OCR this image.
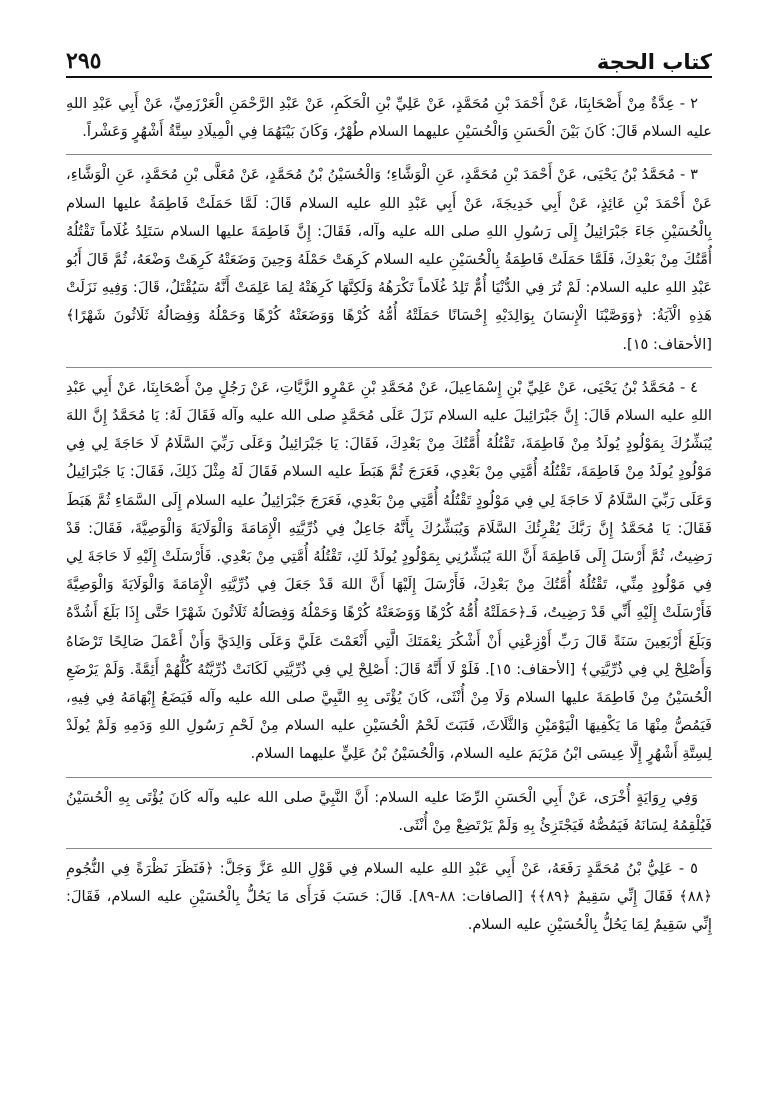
٢٩٥	كتاب الحجة

٢ - عِدَّةٌ مِنْ أَصْحَابِنَا، عَنْ أَحْمَدَ بْنِ مُحَمَّدٍ، عَنْ عَلِيِّ بْنِ الْحَكَمِ، عَنْ عَبْدِ الرَّحْمَنِ الْعَرْزَمِيِّ، عَنْ أَبِي عَبْدِ اللهِ عليه السلام قَالَ: كَانَ بَيْنَ الْحَسَنِ وَالْحُسَيْنِ عليهما السلام طُهْرٌ، وَكَانَ بَيْنَهُمَا فِي الْمِيلَادِ سِتَّةُ أَشْهُرٍ وَعَشْراً.

٣ - مُحَمَّدُ بْنُ يَحْيَى، عَنْ أَحْمَدَ بْنِ مُحَمَّدٍ، عَنِ الْوَشَّاءِ؛ وَالْحُسَيْنُ بْنُ مُحَمَّدٍ، عَنْ مُعَلَّى بْنِ مُحَمَّدٍ، عَنِ الْوَشَّاءِ، عَنْ أَحْمَدَ بْنِ عَائِذٍ، عَنْ أَبِي خَدِيجَةَ، عَنْ أَبِي عَبْدِ اللهِ عليه السلام قَالَ: لَمَّا حَمَلَتْ فَاطِمَةُ عليها السلام بِالْحُسَيْنِ جَاءَ جَبْرَائِيلُ إِلَى رَسُولِ اللهِ صلى الله عليه وآله، فَقَالَ: إِنَّ فَاطِمَةَ عليها السلام سَتَلِدُ غُلَاماً تَقْتُلُهُ أُمَّتُكَ مِنْ بَعْدِكَ، فَلَمَّا حَمَلَتْ فَاطِمَةُ بِالْحُسَيْنِ عليه السلام كَرِهَتْ حَمْلَهُ وَحِينَ وَضَعَتْهُ كَرِهَتْ وَضْعَهُ، ثُمَّ قَالَ أَبُو عَبْدِ اللهِ عليه السلام: لَمْ تُرَ فِي الدُّنْيَا أُمٌّ تَلِدُ غُلَاماً تَكْرَهُهُ وَلَكِنَّهَا كَرِهَتْهُ لِمَا عَلِمَتْ أَنَّهُ سَيُقْتَلُ، قَالَ: وَفِيهِ نَزَلَتْ هَذِهِ الْآيَةُ: ﴿وَوَصَّيْنَا الْإِنسَانَ بِوَالِدَيْهِ إِحْسَانًا حَمَلَتْهُ أُمُّهُ كُرْهًا وَوَضَعَتْهُ كُرْهًا وَحَمْلُهُ وَفِصَالُهُ ثَلَاثُونَ شَهْرًا﴾ [الأحقاف: ١٥].

٤ - مُحَمَّدُ بْنُ يَحْيَى، عَنْ عَلِيِّ بْنِ إِسْمَاعِيلَ، عَنْ مُحَمَّدِ بْنِ عَمْرٍو الزَّيَّاتِ، عَنْ رَجُلٍ مِنْ أَصْحَابِنَا، عَنْ أَبِي عَبْدِ اللهِ عليه السلام قَالَ: إِنَّ جَبْرَائِيلَ عليه السلام نَزَلَ عَلَى مُحَمَّدٍ صلى الله عليه وآله فَقَالَ لَهُ: يَا مُحَمَّدُ إِنَّ اللهَ يُبَشِّرُكَ بِمَوْلُودٍ يُولَدُ مِنْ فَاطِمَةَ، تَقْتُلُهُ أُمَّتُكَ مِنْ بَعْدِكَ، فَقَالَ: يَا جَبْرَائِيلُ وَعَلَى رَبِّيَ السَّلَامُ لَا حَاجَةَ لِي فِي مَوْلُودٍ يُولَدُ مِنْ فَاطِمَةَ، تَقْتُلُهُ أُمَّتِي مِنْ بَعْدِي، فَعَرَجَ ثُمَّ هَبَطَ عليه السلام فَقَالَ لَهُ مِثْلَ ذَلِكَ، فَقَالَ: يَا جَبْرَائِيلُ وَعَلَى رَبِّيَ السَّلَامُ لَا حَاجَةَ لِي فِي مَوْلُودٍ تَقْتُلُهُ أُمَّتِي مِنْ بَعْدِي، فَعَرَجَ جَبْرَائِيلُ عليه السلام إِلَى السَّمَاءِ ثُمَّ هَبَطَ فَقَالَ: يَا مُحَمَّدُ إِنَّ رَبَّكَ يُقْرِئُكَ السَّلَامَ وَيُبَشِّرُكَ بِأَنَّهُ جَاعِلٌ فِي ذُرِّيَّتِهِ الْإِمَامَةَ وَالْوَلَايَةَ وَالْوَصِيَّةَ، فَقَالَ: قَدْ رَضِيتُ، ثُمَّ أَرْسَلَ إِلَى فَاطِمَةَ أَنَّ اللهَ يُبَشِّرُنِي بِمَوْلُودٍ يُولَدُ لَكِ، تَقْتُلُهُ أُمَّتِي مِنْ بَعْدِي. فَأَرْسَلَتْ إِلَيْهِ لَا حَاجَةَ لِي فِي مَوْلُودٍ مِنِّي، تَقْتُلُهُ أُمَّتُكَ مِنْ بَعْدِكَ، فَأَرْسَلَ إِلَيْهَا أَنَّ اللهَ قَدْ جَعَلَ فِي ذُرِّيَّتِهِ الْإِمَامَةَ وَالْوَلَايَةَ وَالْوَصِيَّةَ فَأَرْسَلَتْ إِلَيْهِ أَنِّي قَدْ رَضِيتُ، فَـ﴿حَمَلَتْهُ أُمُّهُ كُرْهًا وَوَضَعَتْهُ كُرْهًا وَحَمْلُهُ وَفِصَالُهُ ثَلَاثُونَ شَهْرًا حَتَّى إِذَا بَلَغَ أَشُدَّهُ وَبَلَغَ أَرْبَعِينَ سَنَةً قَالَ رَبِّ أَوْزِعْنِي أَنْ أَشْكُرَ نِعْمَتَكَ الَّتِي أَنْعَمْتَ عَلَيَّ وَعَلَى وَالِدَيَّ وَأَنْ أَعْمَلَ صَالِحًا تَرْضَاهُ وَأَصْلِحْ لِي فِي ذُرِّيَّتِي﴾ [الأحقاف: ١٥]. فَلَوْ لَا أَنَّهُ قَالَ: أَصْلِحْ لِي فِي ذُرِّيَّتِي لَكَانَتْ ذُرِّيَّتُهُ كُلُّهُمْ أَئِمَّةً. وَلَمْ يَرْضَعِ الْحُسَيْنُ مِنْ فَاطِمَةَ عليها السلام وَلَا مِنْ أُنْثَى، كَانَ يُؤْتَى بِهِ النَّبِيَّ صلى الله عليه وآله فَيَضَعُ إِبْهَامَهُ فِي فِيهِ، فَيَمُصُّ مِنْهَا مَا يَكْفِيهَا الْيَوْمَيْنِ وَالثَّلَاثَ، فَنَبَتَ لَحْمُ الْحُسَيْنِ عليه السلام مِنْ لَحْمِ رَسُولِ اللهِ وَدَمِهِ وَلَمْ يُولَدْ لِسِتَّةِ أَشْهُرٍ إِلَّا عِيسَى ابْنُ مَرْيَمَ عليه السلام، وَالْحُسَيْنُ بْنُ عَلِيٍّ عليهما السلام.

وَفِي رِوَايَةٍ أُخْرَى، عَنْ أَبِي الْحَسَنِ الرِّضَا عليه السلام: أَنَّ النَّبِيَّ صلى الله عليه وآله كَانَ يُؤْتَى بِهِ الْحُسَيْنُ فَيُلْقِمُهُ لِسَانَهُ فَيَمُصُّهُ فَيَجْتَزِئُ بِهِ وَلَمْ يَرْتَضِعْ مِنْ أُنْثَى.

٥ - عَلِيُّ بْنُ مُحَمَّدٍ رَفَعَهُ، عَنْ أَبِي عَبْدِ اللهِ عليه السلام فِي قَوْلِ اللهِ عَزَّ وَجَلَّ: ﴿فَنَظَرَ نَظْرَةً فِي النُّجُومِ ﴿٨٨﴾ فَقَالَ إِنِّي سَقِيمٌ ﴿٨٩﴾﴾ [الصافات: ٨٨-٨٩]. قَالَ: حَسَبَ فَرَأَى مَا يَحُلُّ بِالْحُسَيْنِ عليه السلام، فَقَالَ: إِنِّي سَقِيمٌ لِمَا يَحُلُّ بِالْحُسَيْنِ عليه السلام.
